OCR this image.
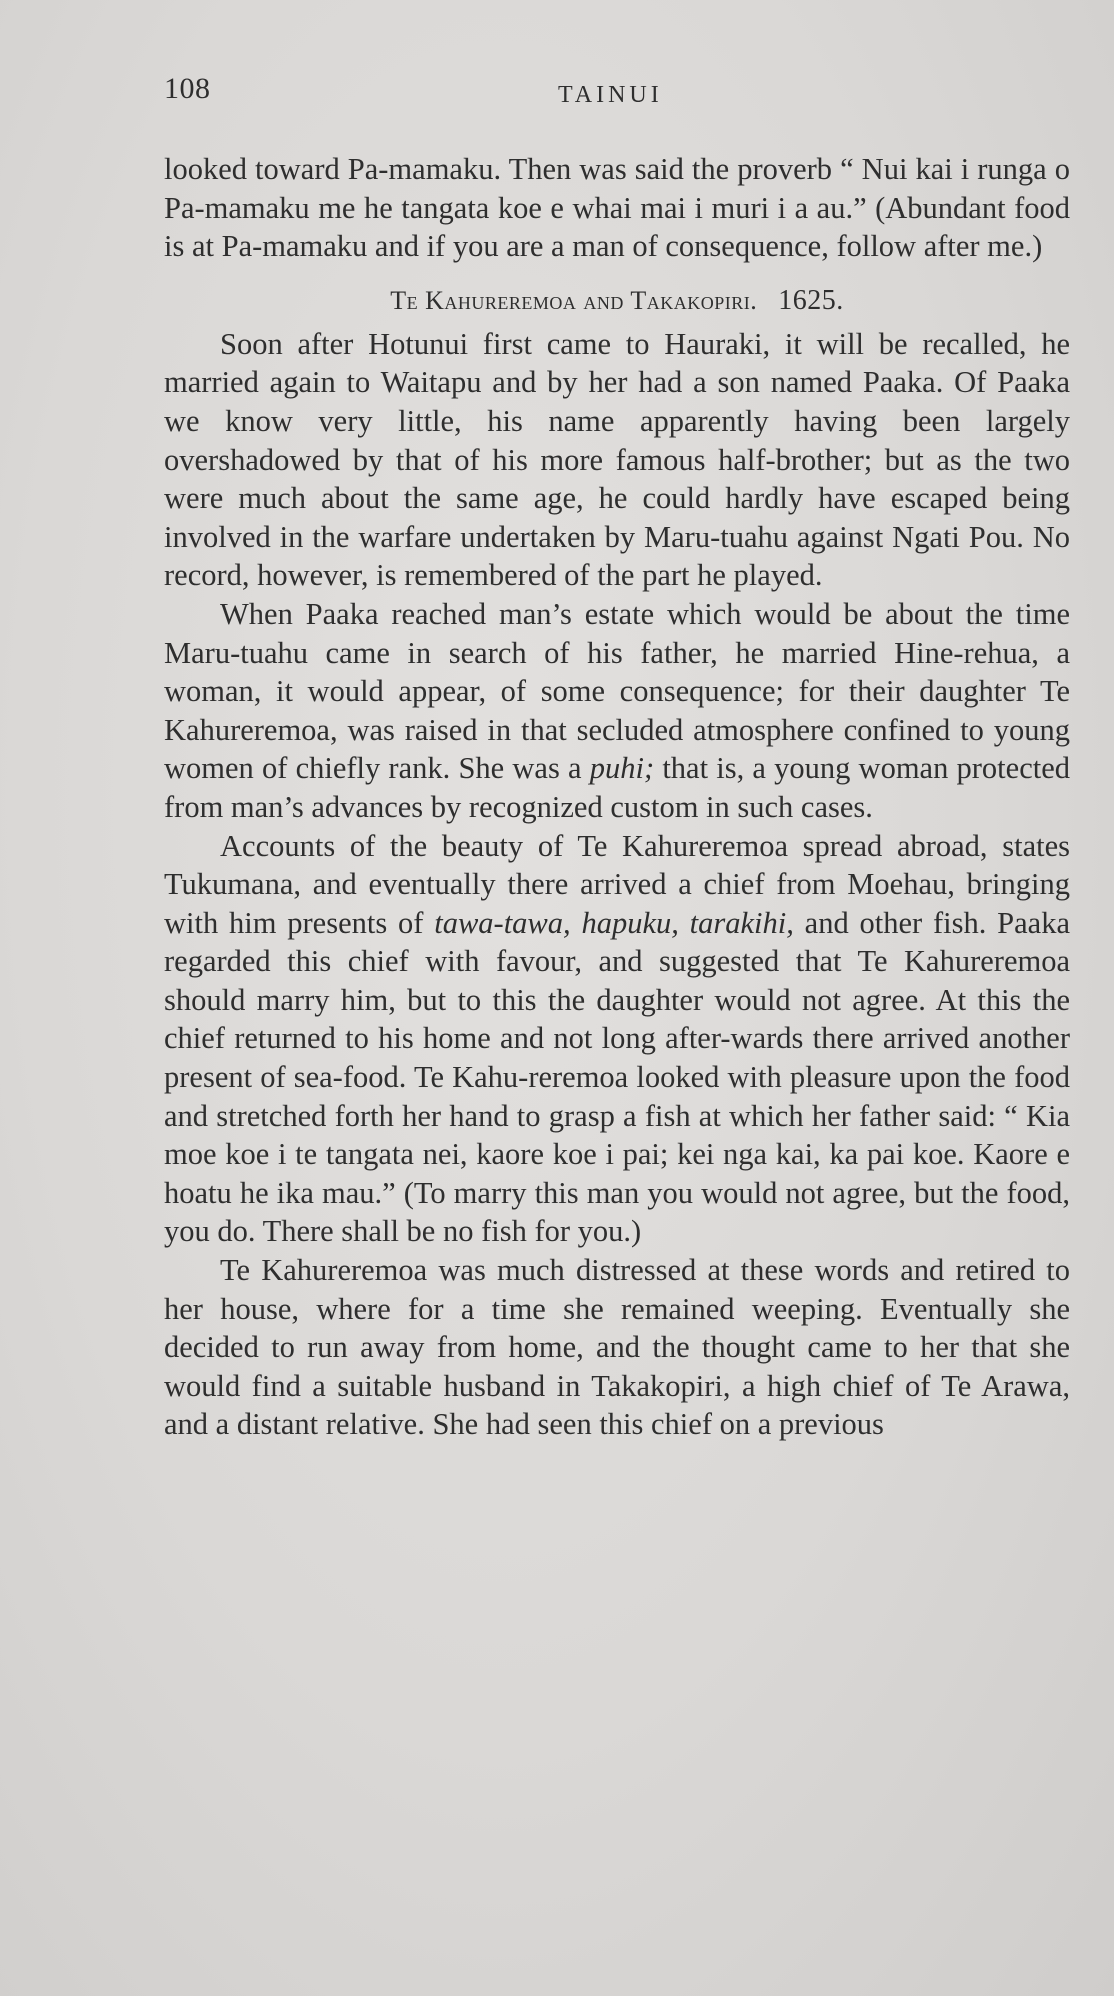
108	TAINUI

looked toward Pa-mamaku. Then was said the proverb “ Nui kai i runga o Pa-mamaku me he tangata koe e whai mai i muri i a au.” (Abundant food is at Pa-mamaku and if you are a man of consequence, follow after me.)

Te Kahureremoa and Takakopiri. 1625.

Soon after Hotunui first came to Hauraki, it will be recalled, he married again to Waitapu and by her had a son named Paaka. Of Paaka we know very little, his name apparently having been largely overshadowed by that of his more famous half-brother; but as the two were much about the same age, he could hardly have escaped being involved in the warfare undertaken by Maru-tuahu against Ngati Pou. No record, however, is remembered of the part he played.

When Paaka reached man’s estate which would be about the time Maru-tuahu came in search of his father, he married Hine-rehua, a woman, it would appear, of some consequence; for their daughter Te Kahureremoa, was raised in that secluded atmosphere confined to young women of chiefly rank. She was a puhi; that is, a young woman protected from man’s advances by recognized custom in such cases.

Accounts of the beauty of Te Kahureremoa spread abroad, states Tukumana, and eventually there arrived a chief from Moehau, bringing with him presents of tawa-tawa, hapuku, tarakihi, and other fish. Paaka regarded this chief with favour, and suggested that Te Kahureremoa should marry him, but to this the daughter would not agree. At this the chief returned to his home and not long after-wards there arrived another present of sea-food. Te Kahu-reremoa looked with pleasure upon the food and stretched forth her hand to grasp a fish at which her father said: “ Kia moe koe i te tangata nei, kaore koe i pai; kei nga kai, ka pai koe. Kaore e hoatu he ika mau.” (To marry this man you would not agree, but the food, you do. There shall be no fish for you.)

Te Kahureremoa was much distressed at these words and retired to her house, where for a time she remained weeping. Eventually she decided to run away from home, and the thought came to her that she would find a suitable husband in Takakopiri, a high chief of Te Arawa, and a distant relative. She had seen this chief on a previous
